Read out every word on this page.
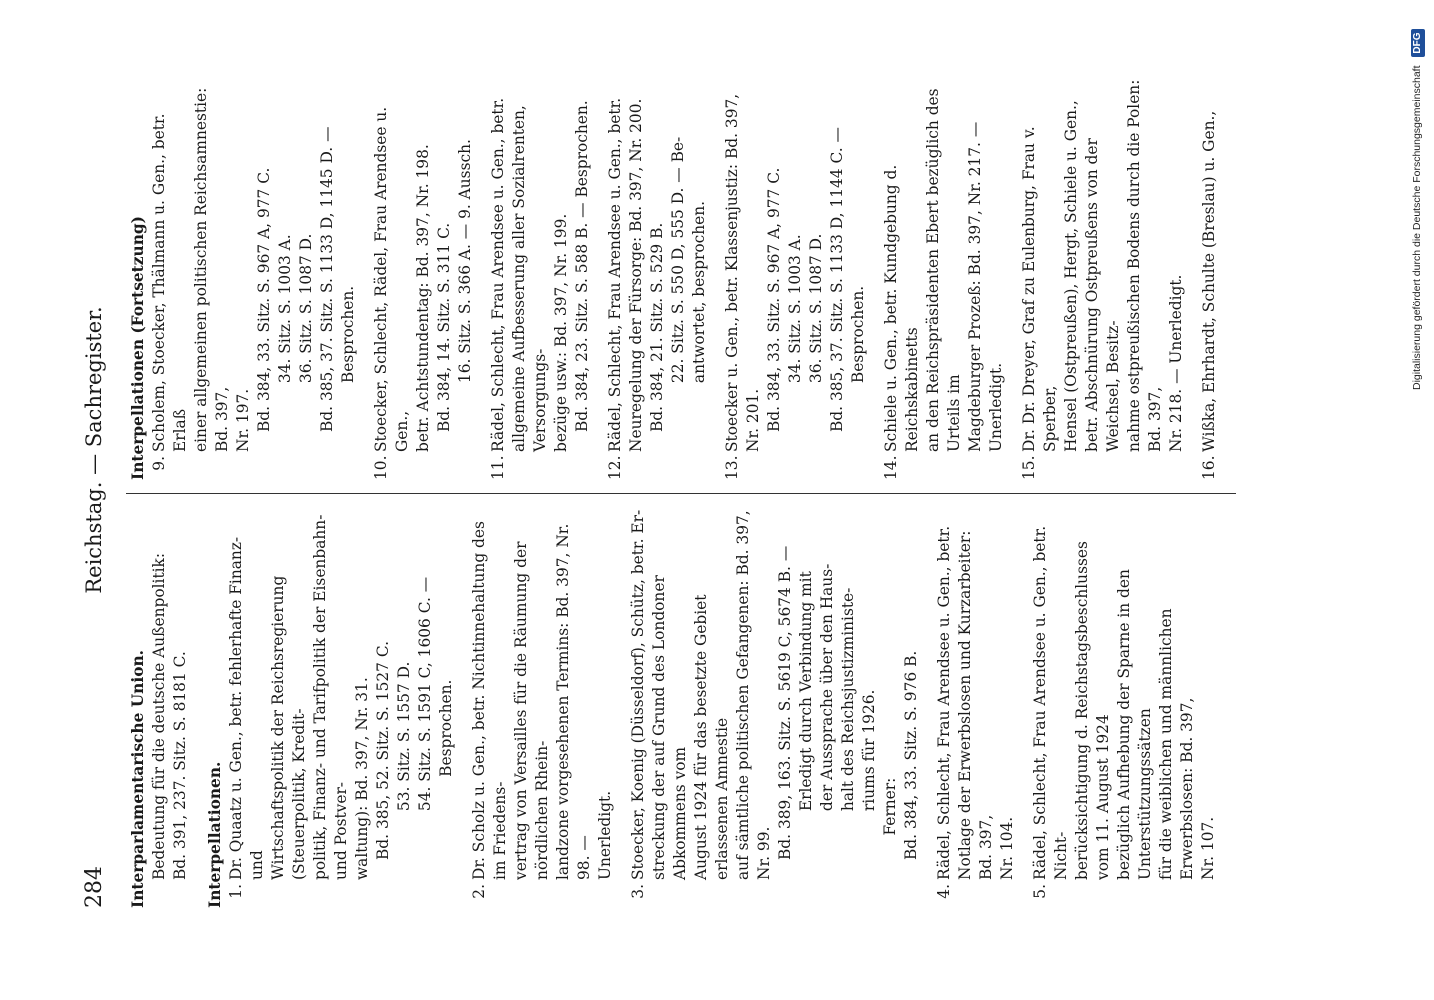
284
Reichstag. — Sachregister.

Interparlamentarische Union. Bedeutung für die deutsche Außenpolitik: Bd. 391, 237. Sitz. S. 8181 C. Interpellationen. 1.
Dr. Quaatz u. Gen., betr. fehlerhafte Finanz- und Wirtschaftspolitik der Reichsregierung (Steuerpolitik, Kredit- politik, Finanz- und Tarifpolitik der Eisenbahn- und Postver- waltung): Bd. 397, Nr. 31. Bd. 385, 52. Sitz. S. 1527 C. 53. Sitz. S. 1557 D. 54. Sitz. S. 1591 C, 1606 C. — Besprochen.
2.
Dr. Scholz u. Gen., betr. Nichtinnehaltung des im Friedens- vertrag von Versailles für die Räumung der nördlichen Rhein- landzone vorgesehenen Termins: Bd. 397, Nr. 98. — Unerledigt.
3.
Stoecker, Koenig (Düsseldorf), Schütz, betr. Er- streckung der auf Grund des Londoner Abkommens vom August 1924 für das besetzte Gebiet erlassenen Amnestie auf sämtliche politischen Gefangenen: Bd. 397, Nr. 99. Bd. 389, 163. Sitz. S. 5619 C, 5674 B. — Erledigt durch Verbindung mit der Aussprache über den Haus- halt des Reichsjustizministe- riums für 1926. Ferner: Bd. 384, 33. Sitz. S. 976 B.
4.
Rädel, Schlecht, Frau Arendsee u. Gen., betr. Notlage der Erwerbslosen und Kurzarbeiter: Bd. 397, Nr. 104.
5.
Rädel, Schlecht, Frau Arendsee u. Gen., betr. Nicht- berücksichtigung d. Reichstagsbeschlusses vom 11. August 1924 bezüglich Aufhebung der Sparne in den Unterstützungssätzen für die weiblichen und männlichen Erwerbslosen: Bd. 397, Nr. 107.

Interpellationen (Fortsetzung) 9.
Scholem, Stoecker, Thälmann u. Gen., betr. Erlaß einer allgemeinen politischen Reichsamnestie: Bd. 397, Nr. 197. Bd. 384, 33. Sitz. S. 967 A, 977 C. 34. Sitz. S. 1003 A. 36. Sitz. S. 1087 D. Bd. 385, 37. Sitz. S. 1133 D, 1145 D. — Besprochen.
10.
Stoecker, Schlecht, Rädel, Frau Arendsee u. Gen., betr. Achtstundentag: Bd. 397, Nr. 198. Bd. 384, 14. Sitz. S. 311 C. 16. Sitz. S. 366 A. — 9. Aussch.
11.
Rädel, Schlecht, Frau Arendsee u. Gen., betr. allgemeine Aufbesserung aller Sozialrenten, Versorgungs- bezüge usw.: Bd. 397, Nr. 199. Bd. 384, 23. Sitz. S. 588 B. — Besprochen.
12.
Rädel, Schlecht, Frau Arendsee u. Gen., betr. Neuregelung der Fürsorge: Bd. 397, Nr. 200. Bd. 384, 21. Sitz. S. 529 B. 22. Sitz. S. 550 D, 555 D. — Be- antwortet, besprochen.
13.
Stoecker u. Gen., betr. Klassenjustiz: Bd. 397, Nr. 201. Bd. 384, 33. Sitz. S. 967 A, 977 C. 34. Sitz. S. 1003 A. 36. Sitz. S. 1087 D. Bd. 385, 37. Sitz. S. 1133 D, 1144 C. — Besprochen.
14.
Schiele u. Gen., betr. Kundgebung d. Reichskabinetts an den Reichspräsidenten Ebert bezüglich des Urteils im Magdeburger Prozeß: Bd. 397, Nr. 217. — Unerledigt.
15.
Dr. Dr. Dreyer, Graf zu Eulenburg, Frau v. Sperber, Hensel (Ostpreußen), Hergt, Schiele u. Gen., betr. Abschnürung Ostpreußens von der Weichsel, Besitz- nahme ostpreußischen Bodens durch die Polen: Bd. 397, Nr. 218. — Unerledigt.
16.
Wißka, Ehrhardt, Schulte (Breslau) u. Gen.,	Digitalisierung gefördert durch die Deutsche Forschungsgemeinschaft DFG
